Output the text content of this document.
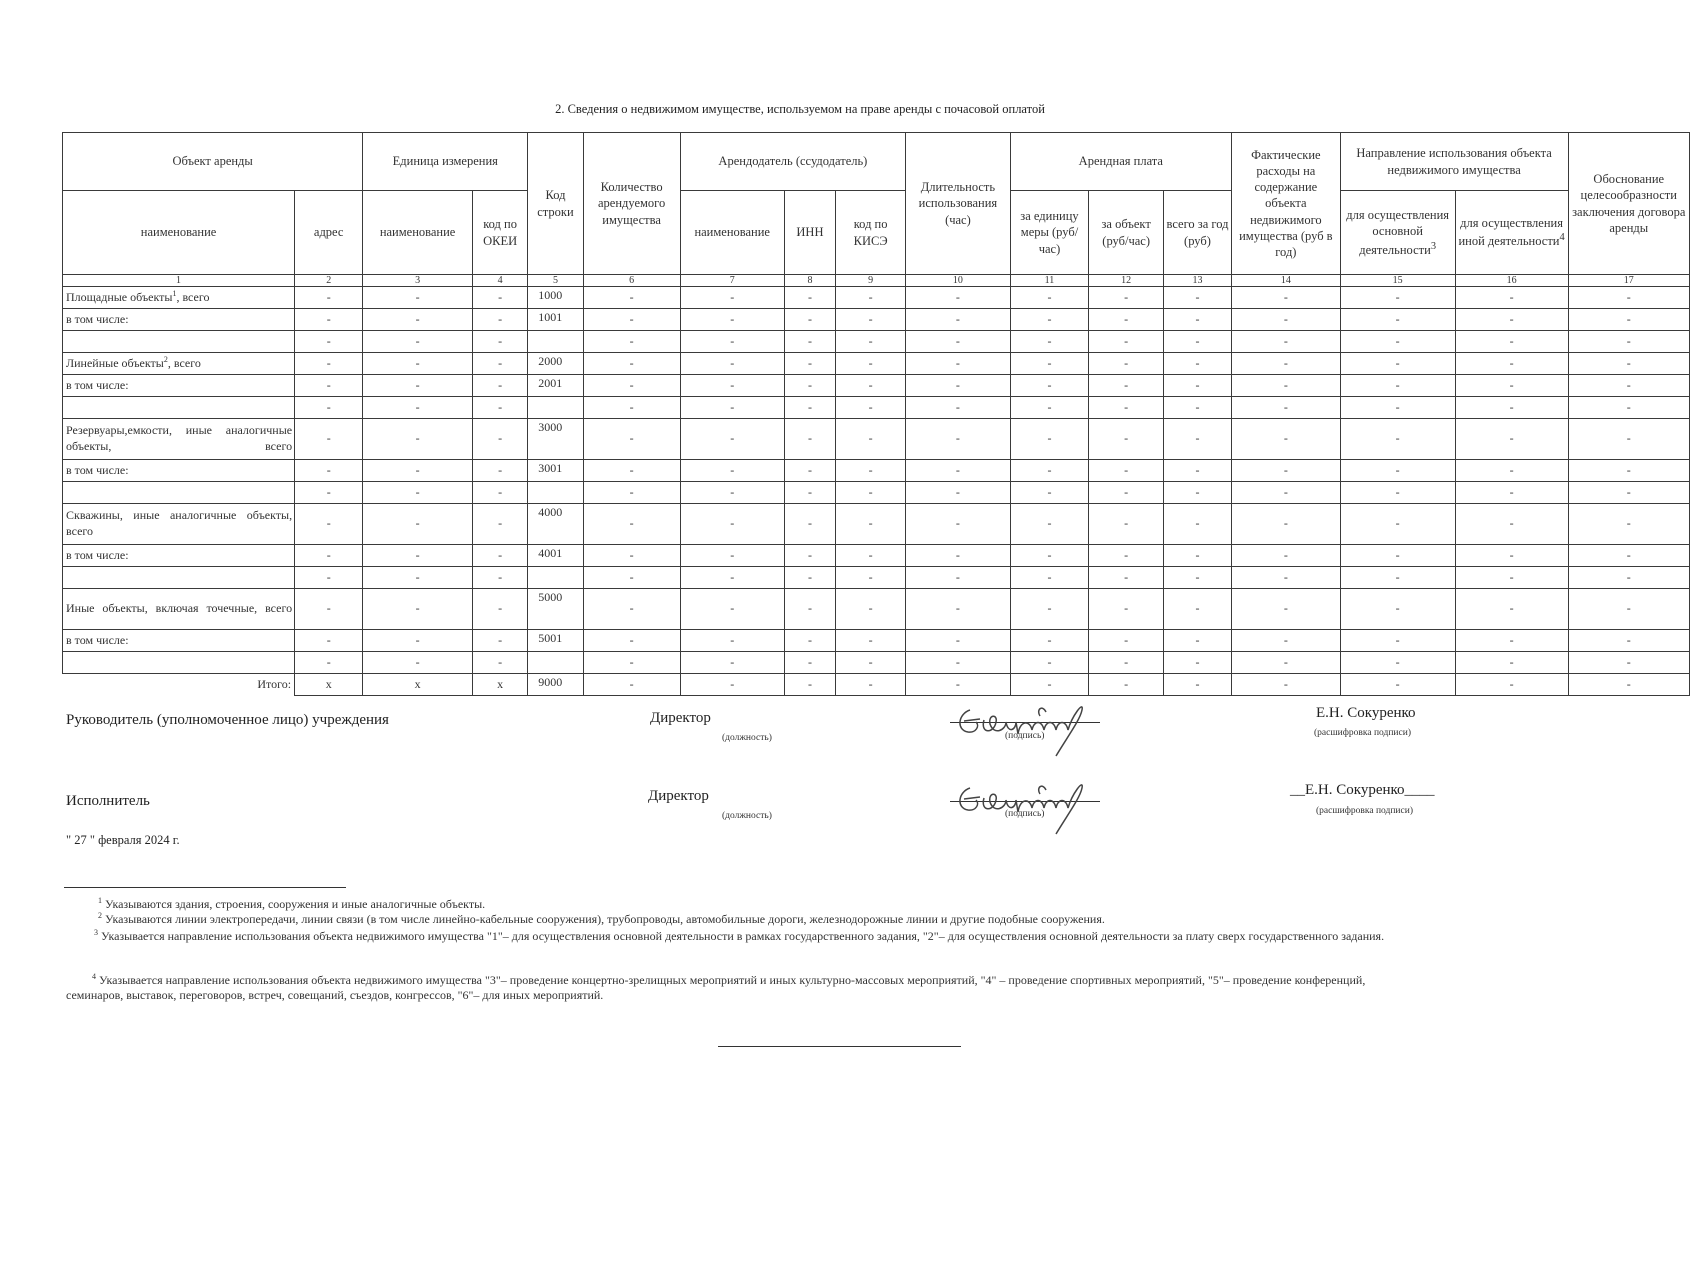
2. Сведения о недвижимом имуществе, используемом на праве аренды с почасовой оплатой
Объект аренды		Единица измерения		Код строки	Количество арендуемого имущества	Арендодатель (ссудодатель)			Длительность использования (час)	Арендная плата			Фактические расходы на содержание объекта недвижимого имущества (руб в год)	Направление использования объекта недвижимого имущества		Обоснование целесообразности заключения договора аренды
наименование	адрес	наименование	код по ОКЕИ			наименование	ИНН	код по КИСЭ		за единицу меры (руб/час)	за объект (руб/час)	всего за год (руб)		для осуществления основной деятельности$^3$	для осуществления иной деятельности$^4$
1	2	3	4	5	6	7	8	9	10	11	12	13	14	15	16	17
Площадные объекты$^1$, всего	-	-	-	1000	-	-	-	-	-	-	-	-	-	-	-	-
в том числе:	-	-	-	1001	-	-	-	-	-	-	-	-	-	-	-	-
	-	-	-		-	-	-	-	-	-	-	-	-	-	-	-
Линейные объекты$^2$, всего	-	-	-	2000	-	-	-	-	-	-	-	-	-	-	-	-
в том числе:	-	-	-	2001	-	-	-	-	-	-	-	-	-	-	-	-
	-	-	-		-	-	-	-	-	-	-	-	-	-	-	-
Резервуары,емкости, иные аналогичные объекты, всего	-	-	-	3000	-	-	-	-	-	-	-	-	-	-	-	-
в том числе:	-	-	-	3001	-	-	-	-	-	-	-	-	-	-	-	-
	-	-	-		-	-	-	-	-	-	-	-	-	-	-	-
Скважины, иные аналогичные объекты, всего	-	-	-	4000	-	-	-	-	-	-	-	-	-	-	-	-
в том числе:	-	-	-	4001	-	-	-	-	-	-	-	-	-	-	-	-
	-	-	-		-	-	-	-	-	-	-	-	-	-	-	-
Иные объекты, включая точечные, всего	-	-	-	5000	-	-	-	-	-	-	-	-	-	-	-	-
в том числе:	-	-	-	5001	-	-	-	-	-	-	-	-	-	-	-	-
	-	-	-		-	-	-	-	-	-	-	-	-	-	-	-
Итого:	x	x	x	9000	-	-	-	-	-	-	-	-	-	-	-	-
Руководитель (уполномоченное лицо) учреждения	Директор
(должность)	(подпись)
Е.Н. Сокуренко
(расшифровка подписи)
Исполнитель	Директор
(должность)	(подпись)
__Е.Н. Сокуренко____
(расшифровка подписи)
" 27 " февраля 2024 г.
$^1$ Указываются здания, строения, сооружения и иные аналогичные объекты.
$^2$ Указываются линии электропередачи, линии связи (в том числе линейно-кабельные сооружения), трубопроводы, автомобильные дороги, железнодорожные линии и другие подобные сооружения.
$^3$ Указывается направление использования объекта недвижимого имущества "1"– для осуществления основной деятельности в рамках государственного задания, "2"– для осуществления основной деятельности за плату сверх государственного задания.
$^4$ Указывается направление использования объекта недвижимого имущества "3"– проведение концертно-зрелищных мероприятий и иных культурно-массовых мероприятий, "4" – проведение спортивных мероприятий, "5"– проведение конференций,
семинаров, выставок, переговоров, встреч, совещаний, съездов, конгрессов, "6"– для иных мероприятий.
